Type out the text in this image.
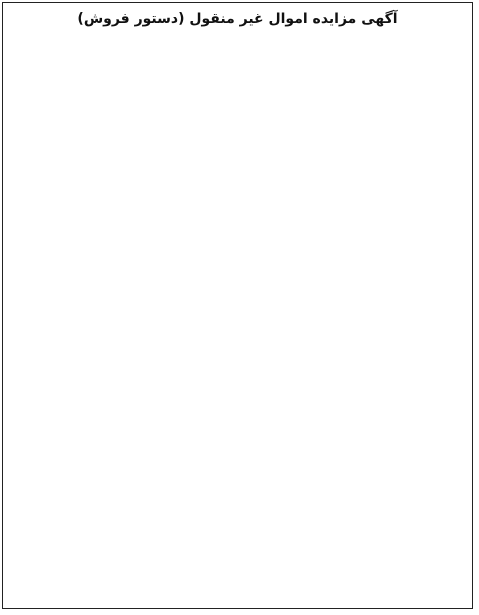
آگهی مزایده اموال غیر منقول (دستور فروش)
